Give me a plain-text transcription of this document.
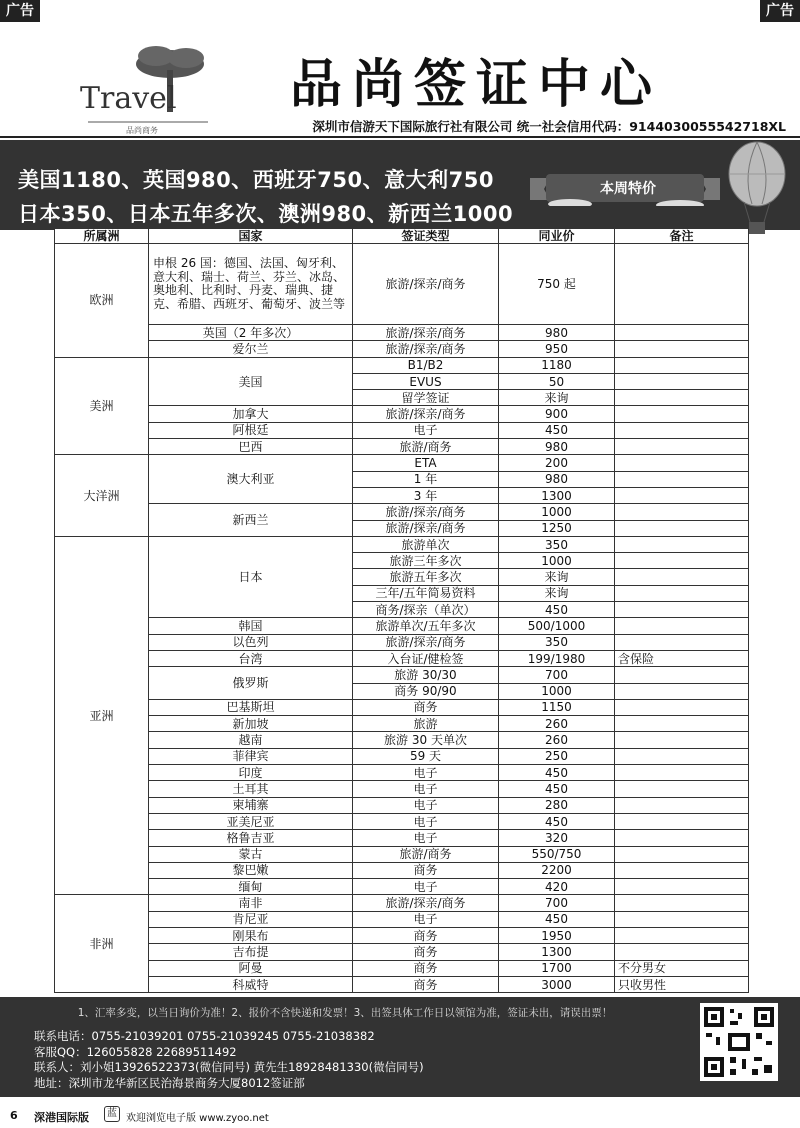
广告	广告
Travel
品尚商务
品尚签证中心
深圳市信游天下国际旅行社有限公司 统一社会信用代码：914403005554​2718XL
美国1180、英国980、西班牙750、意大利750
日本350、日本五年多次、澳洲980、新西兰1000
本周特价
所属洲	国家	签证类型	同业价	备注
欧洲	申根 26 国：德国、法国、匈牙利、意大利、瑞士、荷兰、芬兰、冰岛、奥地利、比利时、丹麦、瑞典、捷克、希腊、西班牙、葡萄牙、波兰等	旅游/探亲/商务	750 起	
	英国（2 年多次）	旅游/探亲/商务	980	
	爱尔兰	旅游/探亲/商务	950	
美洲	美国	B1/B2	1180	
		EVUS	50	
		留学签证	来询	
	加拿大	旅游/探亲/商务	900	
	阿根廷	电子	450	
	巴西	旅游/商务	980	
大洋洲	澳大利亚	ETA	200	
		1 年	980	
		3 年	1300	
	新西兰	旅游/探亲/商务	1000	
		旅游/探亲/商务	1250	
亚洲	日本	旅游单次	350	
		旅游三年多次	1000	
		旅游五年多次	来询	
		三年/五年简易资料	来询	
		商务/探亲（单次）	450	
	韩国	旅游单次/五年多次	500/1000	
	以色列	旅游/探亲/商务	350	
	台湾	入台证/健检签	199/1980	含保险
	俄罗斯	旅游 30/30	700	
		商务 90/90	1000	
	巴基斯坦	商务	1150	
	新加坡	旅游	260	
	越南	旅游 30 天单次	260	
	菲律宾	59 天	250	
	印度	电子	450	
	土耳其	电子	450	
	柬埔寨	电子	280	
	亚美尼亚	电子	450	
	格鲁吉亚	电子	320	
	蒙古	旅游/商务	550/750	
	黎巴嫩	商务	2200	
	缅甸	电子	420	
非洲	南非	旅游/探亲/商务	700	
	肯尼亚	电子	450	
	刚果布	商务	1950	
	吉布提	商务	1300	
	阿曼	商务	1700	不分男女
	科威特	商务	3000	只收男性
1、汇率多变，以当日询价为准！2、报价不含快递和发票！3、出签具体工作日以领馆为准，签证未出，请误出票！
联系电话：0755-21039201 0755-21039245 0755-21038382
客服QQ：126055828 22689511492
联系人：刘小姐13926522373(微信同号) 黄先生18928481330(微信同号)
地址：深圳市龙华新区民治海景商务大厦8012签证部
6 深港国际版	蓝 欢迎浏览电子版 www.zyoo.net
